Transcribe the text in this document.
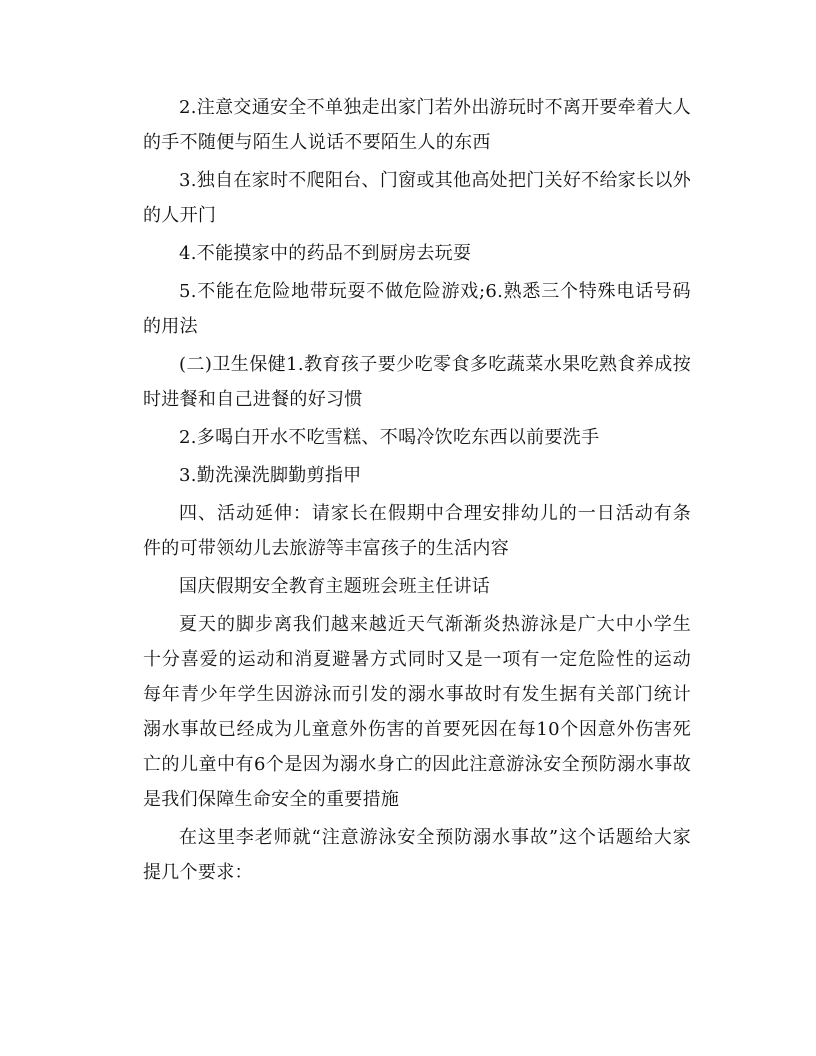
2.注意交通安全不单独走出家门若外出游玩时不离开要牵着大人的手不随便与陌生人说话不要陌生人的东西

3.独自在家时不爬阳台、门窗或其他高处把门关好不给家长以外的人开门

4.不能摸家中的药品不到厨房去玩耍

5.不能在危险地带玩耍不做危险游戏;6.熟悉三个特殊电话号码的用法

(二)卫生保健1.教育孩子要少吃零食多吃蔬菜水果吃熟食养成按时进餐和自己进餐的好习惯

2.多喝白开水不吃雪糕、不喝冷饮吃东西以前要洗手

3.勤洗澡洗脚勤剪指甲

四、活动延伸：请家长在假期中合理安排幼儿的一日活动有条件的可带领幼儿去旅游等丰富孩子的生活内容

国庆假期安全教育主题班会班主任讲话

夏天的脚步离我们越来越近天气渐渐炎热游泳是广大中小学生十分喜爱的运动和消夏避暑方式同时又是一项有一定危险性的运动每年青少年学生因游泳而引发的溺水事故时有发生据有关部门统计溺水事故已经成为儿童意外伤害的首要死因在每10个因意外伤害死亡的儿童中有6个是因为溺水身亡的因此注意游泳安全预防溺水事故是我们保障生命安全的重要措施

在这里李老师就“注意游泳安全预防溺水事故”这个话题给大家提几个要求：
